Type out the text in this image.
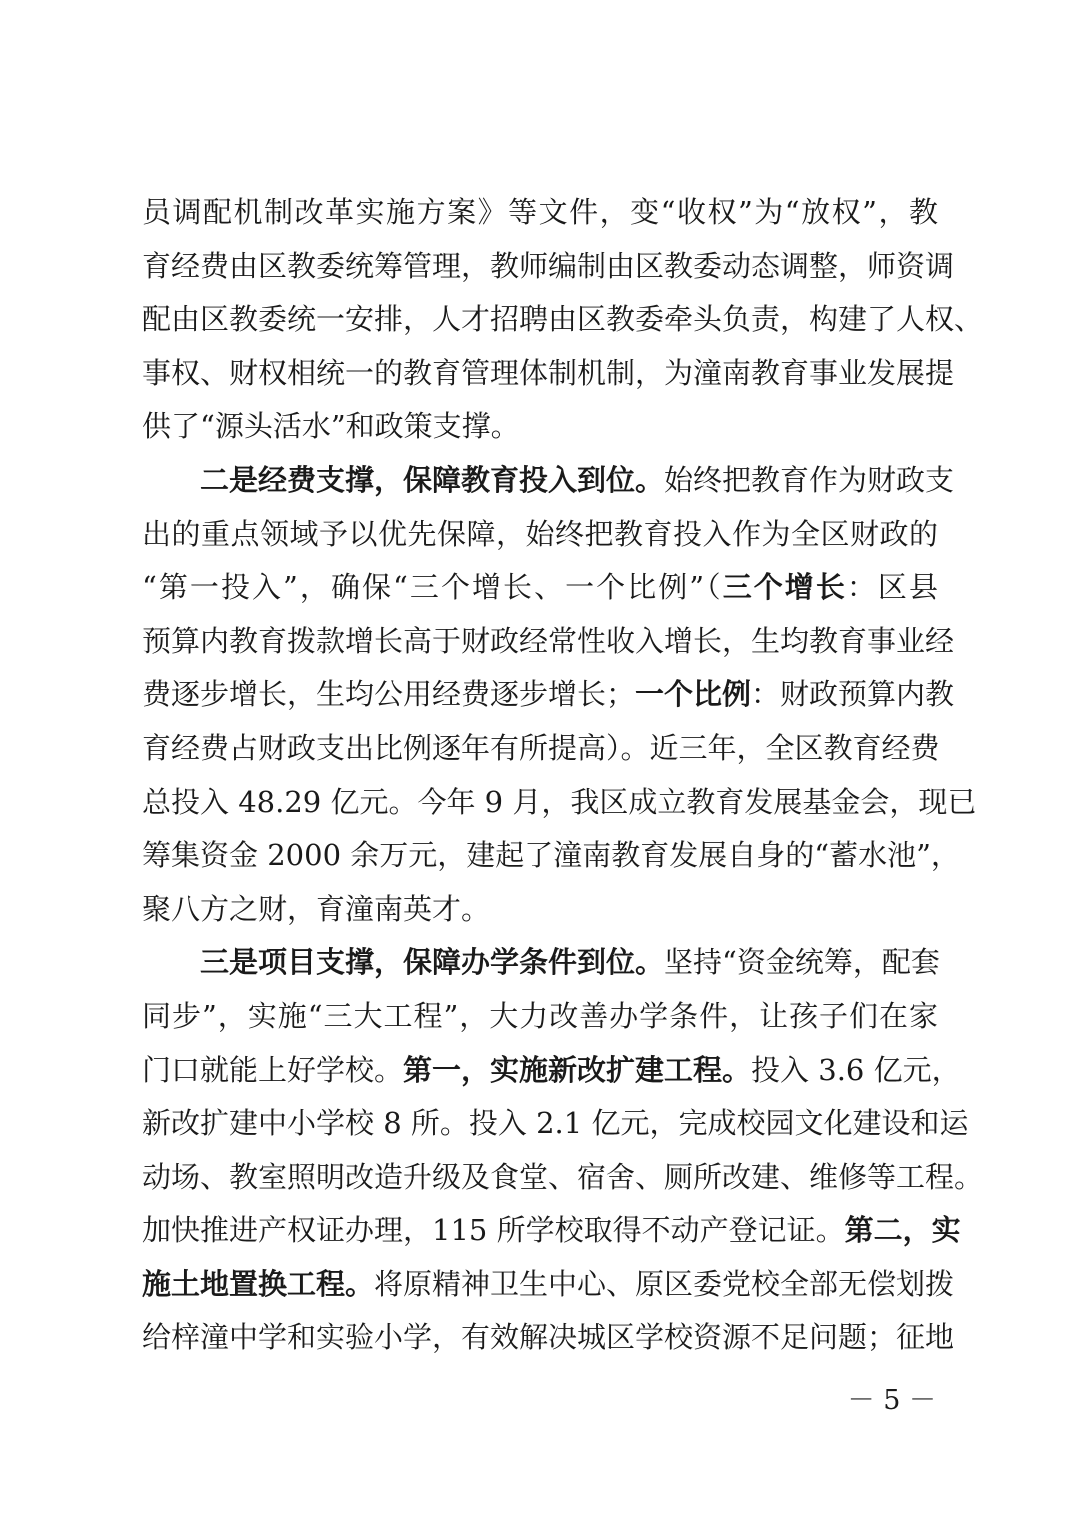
员调配机制改革实施方案》等文件，变“收权”为“放权”，教
育经费由区教委统筹管理，教师编制由区教委动态调整，师资调
配由区教委统一安排，人才招聘由区教委牵头负责，构建了人权、
事权、财权相统一的教育管理体制机制，为潼南教育事业发展提
供了“源头活水”和政策支撑。
二是经费支撑，保障教育投入到位。始终把教育作为财政支
出的重点领域予以优先保障，始终把教育投入作为全区财政的
“第一投入”，确保“三个增长、一个比例”（三个增长：区县
预算内教育拨款增长高于财政经常性收入增长，生均教育事业经
费逐步增长，生均公用经费逐步增长；一个比例：财政预算内教
育经费占财政支出比例逐年有所提高）。近三年，全区教育经费
总投入 48.29 亿元。今年 9 月，我区成立教育发展基金会，现已
筹集资金 2000 余万元，建起了潼南教育发展自身的“蓄水池”，
聚八方之财，育潼南英才。
三是项目支撑，保障办学条件到位。坚持“资金统筹，配套
同步”，实施“三大工程”，大力改善办学条件，让孩子们在家
门口就能上好学校。第一，实施新改扩建工程。投入 3.6 亿元，
新改扩建中小学校 8 所。投入 2.1 亿元，完成校园文化建设和运
动场、教室照明改造升级及食堂、宿舍、厕所改建、维修等工程。
加快推进产权证办理，115 所学校取得不动产登记证。第二，实
施土地置换工程。将原精神卫生中心、原区委党校全部无偿划拨
给梓潼中学和实验小学，有效解决城区学校资源不足问题；征地
－ 5 －
